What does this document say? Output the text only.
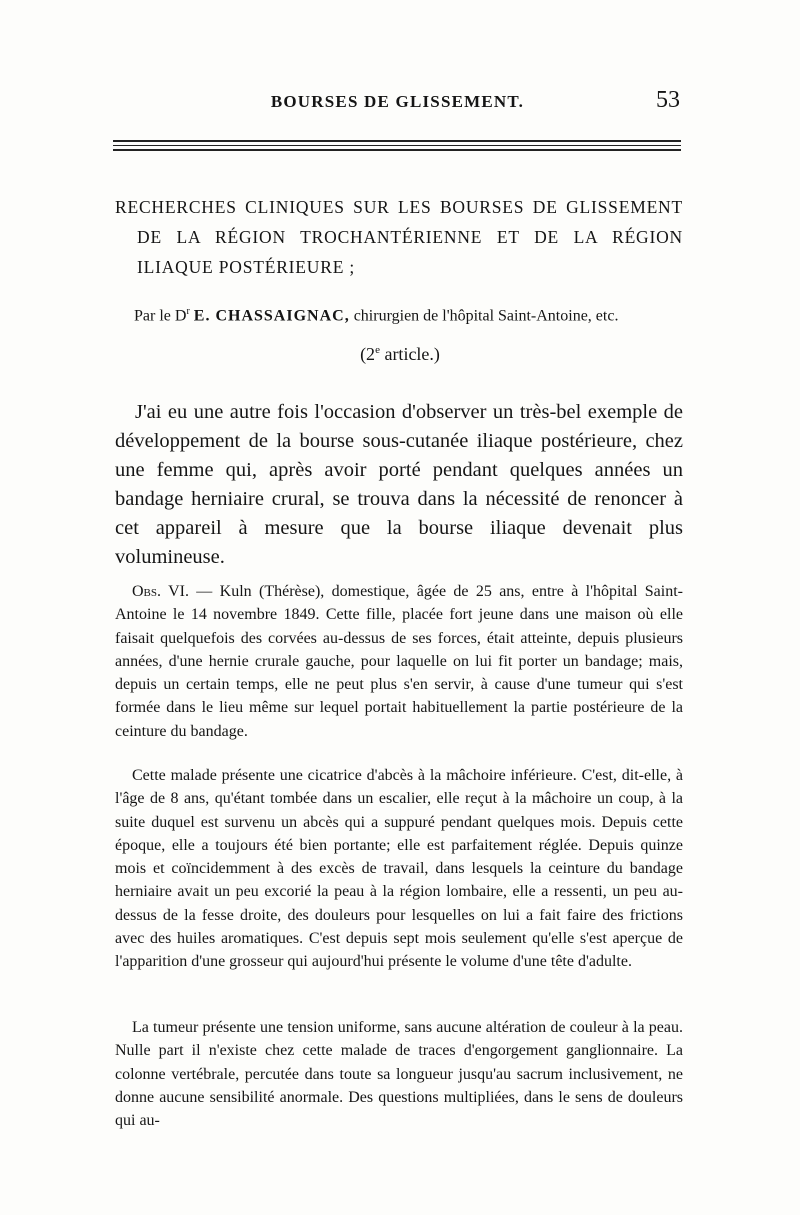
BOURSES DE GLISSEMENT.	53
RECHERCHES CLINIQUES SUR LES BOURSES DE GLISSEMENT
DE LA RÉGION TROCHANTÉRIENNE ET DE LA RÉGION
ILIAQUE POSTÉRIEURE ;
Par le $D^r$ E. CHASSAIGNAC, chirurgien de l'hôpital Saint-Antoine, etc.
(2e article.)

J'ai eu une autre fois l'occasion d'observer un très-bel exemple de développement de la bourse sous-cutanée iliaque postérieure, chez une femme qui, après avoir porté pendant quelques années un bandage herniaire crural, se trouva dans la nécessité de renoncer à cet appareil à mesure que la bourse iliaque devenait plus volumineuse.

Obs. VI. — Kuln (Thérèse), domestique, âgée de 25 ans, entre à l'hôpital Saint-Antoine le 14 novembre 1849. Cette fille, placée fort jeune dans une maison où elle faisait quelquefois des corvées au-dessus de ses forces, était atteinte, depuis plusieurs années, d'une hernie crurale gauche, pour laquelle on lui fit porter un bandage; mais, depuis un certain temps, elle ne peut plus s'en servir, à cause d'une tumeur qui s'est formée dans le lieu même sur lequel portait habituellement la partie postérieure de la ceinture du bandage.

Cette malade présente une cicatrice d'abcès à la mâchoire inférieure. C'est, dit-elle, à l'âge de 8 ans, qu'étant tombée dans un escalier, elle reçut à la mâchoire un coup, à la suite duquel est survenu un abcès qui a suppuré pendant quelques mois. Depuis cette époque, elle a toujours été bien portante; elle est parfaitement réglée. Depuis quinze mois et coïncidemment à des excès de travail, dans lesquels la ceinture du bandage herniaire avait un peu excorié la peau à la région lombaire, elle a ressenti, un peu au-dessus de la fesse droite, des douleurs pour lesquelles on lui a fait faire des frictions avec des huiles aromatiques. C'est depuis sept mois seulement qu'elle s'est aperçue de l'apparition d'une grosseur qui aujourd'hui présente le volume d'une tête d'adulte.

La tumeur présente une tension uniforme, sans aucune altération de couleur à la peau. Nulle part il n'existe chez cette malade de traces d'engorgement ganglionnaire. La colonne vertébrale, percutée dans toute sa longueur jusqu'au sacrum inclusivement, ne donne aucune sensibilité anormale. Des questions multipliées, dans le sens de douleurs qui au-
